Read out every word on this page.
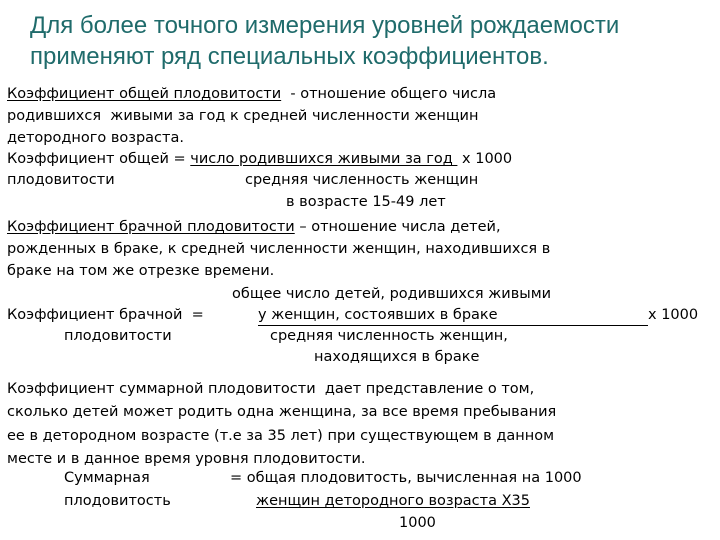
Для более точного измерения уровней рождаемости
применяют ряд специальных коэффициентов.
Коэффициент общей плодовитости  - отношение общего числа
родившихся  живыми за год к средней численности женщин
детородного возраста.
Коэффициент общей = число родившихся живыми за год  х 1000
плодовитости	средняя численность женщин
в возрасте 15-49 лет
Коэффициент брачной плодовитости – отношение числа детей,
рожденных в браке, к средней численности женщин, находившихся в
браке на том же отрезке времени.
общее число детей, родившихся живыми
Коэффициент брачной  =	у женщин, состоявших в браке	х 1000
плодовитости	средняя численность женщин,
находящихся в браке
Коэффициент суммарной плодовитости  дает представление о том,
сколько детей может родить одна женщина, за все время пребывания
ее в детородном возрасте (т.е за 35 лет) при существующем в данном
месте и в данное время уровня плодовитости.
Суммарная	= общая плодовитость, вычисленная на 1000
плодовитость	женщин детородного возраста Х35
1000
